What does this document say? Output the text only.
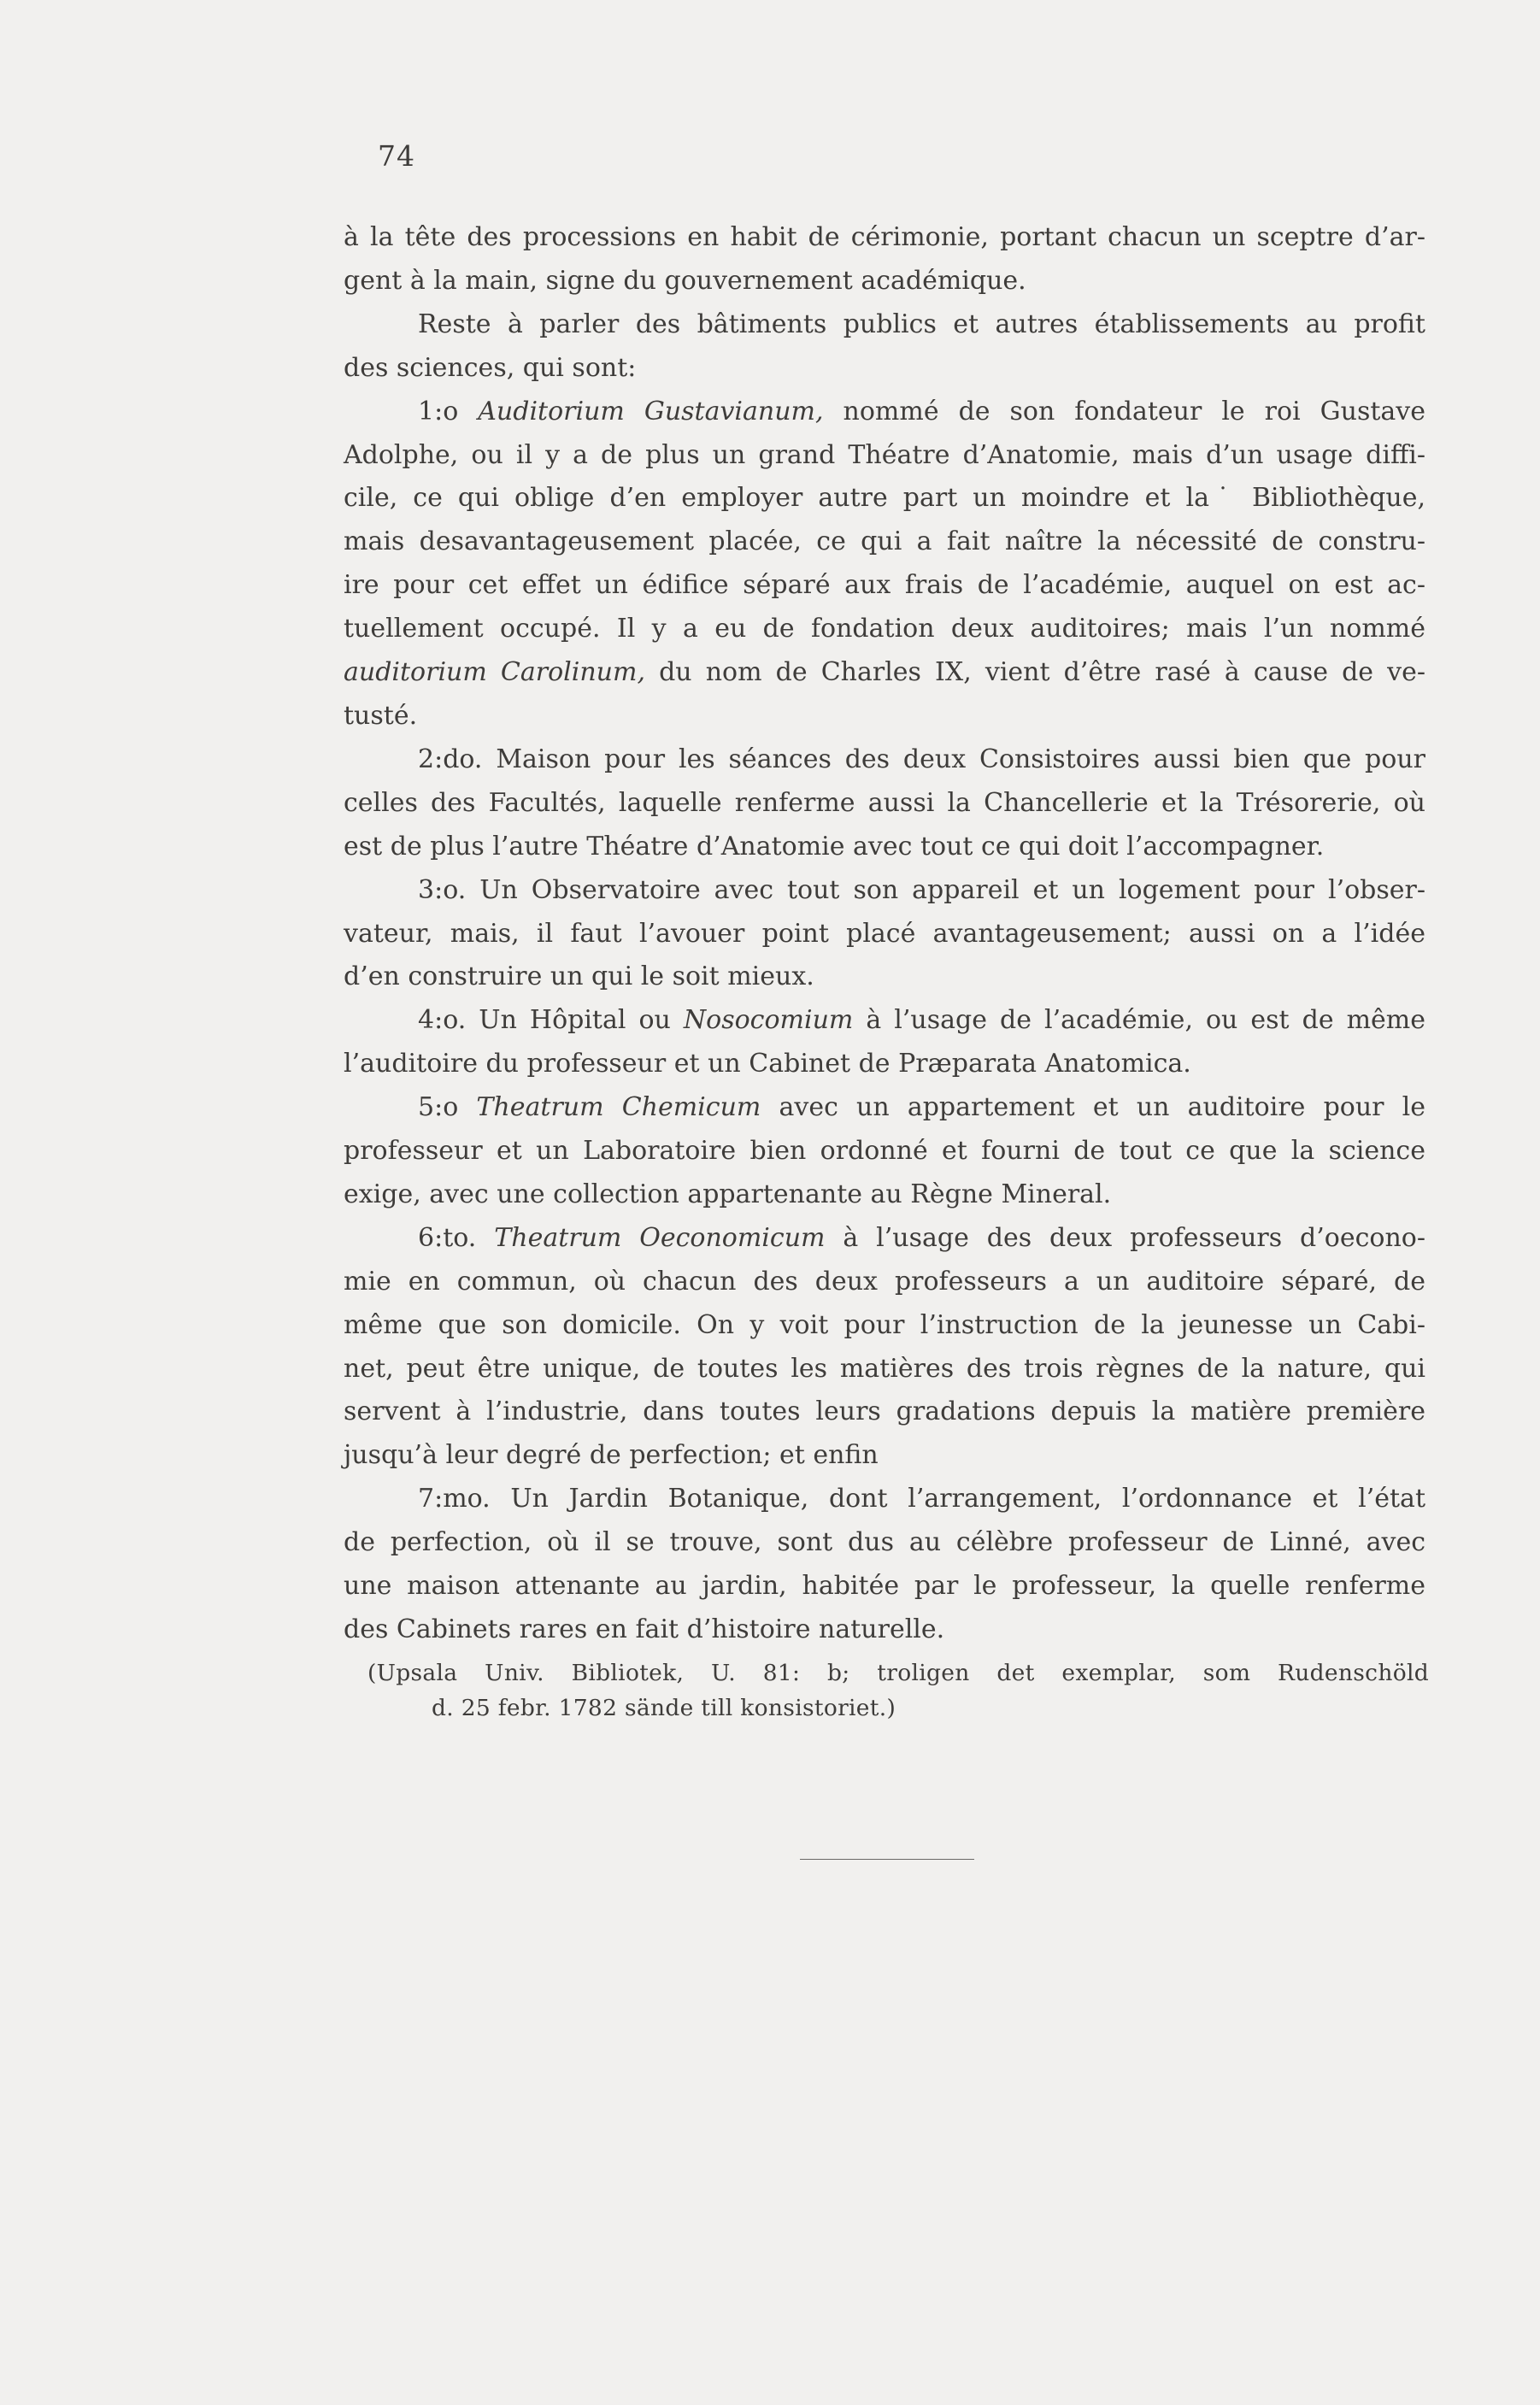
74

à la tête des processions en habit de cérimonie, portant chacun un sceptre d’ar-

gent à la main, signe du gouvernement académique.

Reste à parler des bâtiments publics et autres établissements au profit

des sciences, qui sont:

1:o Auditorium Gustavianum, nommé de son fondateur le roi Gustave

Adolphe, ou il y a de plus un grand Théatre d’Anatomie, mais d’un usage diffi-

cile, ce qui oblige d’en employer autre part un moindre et la˙ Bibliothèque,

mais desavantageusement placée, ce qui a fait naître la nécessité de constru-

ire pour cet effet un édifice séparé aux frais de l’académie, auquel on est ac-

tuellement occupé. Il y a eu de fondation deux auditoires; mais l’un nommé

auditorium Carolinum, du nom de Charles IX, vient d’être rasé à cause de ve-

tusté.

2:do. Maison pour les séances des deux Consistoires aussi bien que pour

celles des Facultés, laquelle renferme aussi la Chancellerie et la Trésorerie, où

est de plus l’autre Théatre d’Anatomie avec tout ce qui doit l’accompagner.

3:o. Un Observatoire avec tout son appareil et un logement pour l’obser-

vateur, mais, il faut l’avouer point placé avantageusement; aussi on a l’idée

d’en construire un qui le soit mieux.

4:o. Un Hôpital ou Nosocomium à l’usage de l’académie, ou est de même

l’auditoire du professeur et un Cabinet de Præparata Anatomica.

5:o Theatrum Chemicum avec un appartement et un auditoire pour le

professeur et un Laboratoire bien ordonné et fourni de tout ce que la science

exige, avec une collection appartenante au Règne Mineral.

6:to. Theatrum Oeconomicum à l’usage des deux professeurs d’oecono-

mie en commun, où chacun des deux professeurs a un auditoire séparé, de

même que son domicile. On y voit pour l’instruction de la jeunesse un Cabi-

net, peut être unique, de toutes les matières des trois règnes de la nature, qui

servent à l’industrie, dans toutes leurs gradations depuis la matière première

jusqu’à leur degré de perfection; et enfin

7:mo. Un Jardin Botanique, dont l’arrangement, l’ordonnance et l’état

de perfection, où il se trouve, sont dus au célèbre professeur de Linné, avec

une maison attenante au jardin, habitée par le professeur, la quelle renferme

des Cabinets rares en fait d’histoire naturelle.

(Upsala Univ. Bibliotek, U. 81: b; troligen det exemplar, som Rudenschöld

d. 25 febr. 1782 sände till konsistoriet.)
